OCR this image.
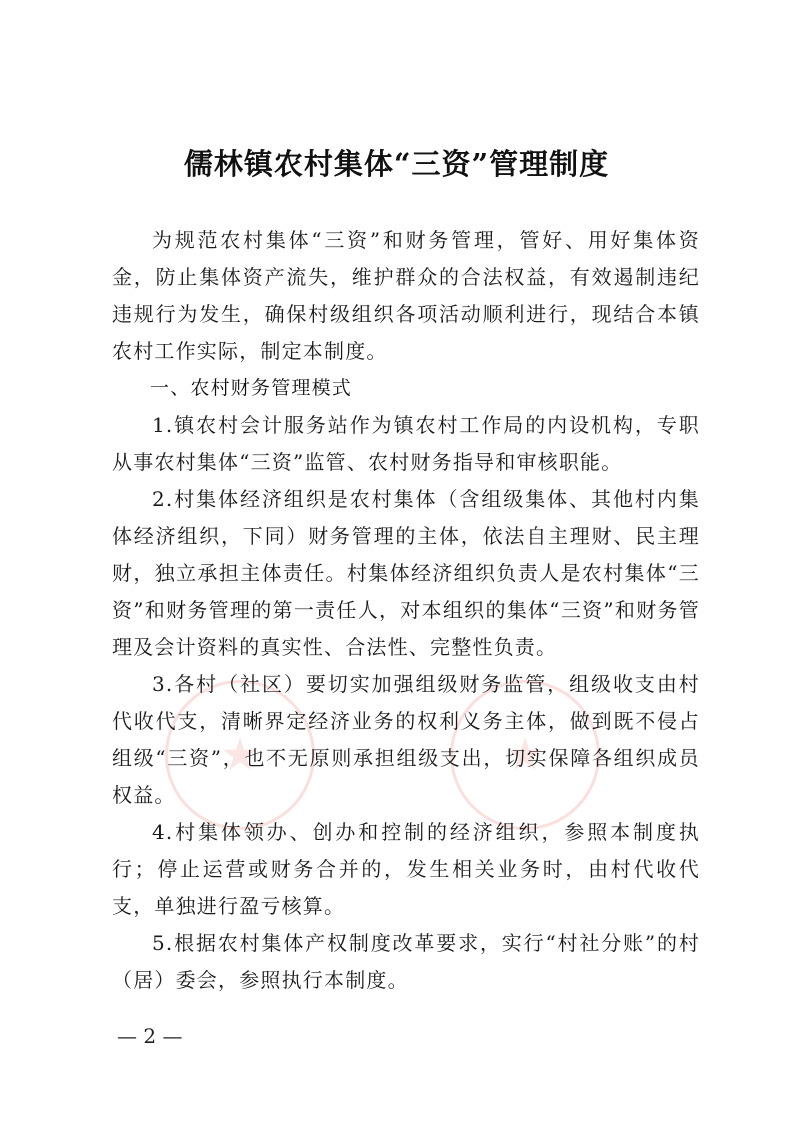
儒林镇农村集体“三资”管理制度

为规范农村集体“三资”和财务管理，管好、用好集体资金，防止集体资产流失，维护群众的合法权益，有效遏制违纪违规行为发生，确保村级组织各项活动顺利进行，现结合本镇农村工作实际，制定本制度。

一、农村财务管理模式

1.镇农村会计服务站作为镇农村工作局的内设机构，专职从事农村集体“三资”监管、农村财务指导和审核职能。

2.村集体经济组织是农村集体（含组级集体、其他村内集体经济组织，下同）财务管理的主体，依法自主理财、民主理财，独立承担主体责任。村集体经济组织负责人是农村集体“三资”和财务管理的第一责任人，对本组织的集体“三资”和财务管理及会计资料的真实性、合法性、完整性负责。

3.各村（社区）要切实加强组级财务监管，组级收支由村代收代支，清晰界定经济业务的权利义务主体，做到既不侵占组级“三资”，也不无原则承担组级支出，切实保障各组织成员权益。

4.村集体领办、创办和控制的经济组织，参照本制度执行；停止运营或财务合并的，发生相关业务时，由村代收代支，单独进行盈亏核算。

5.根据农村集体产权制度改革要求，实行“村社分账”的村（居）委会，参照执行本制度。

— 2 —
